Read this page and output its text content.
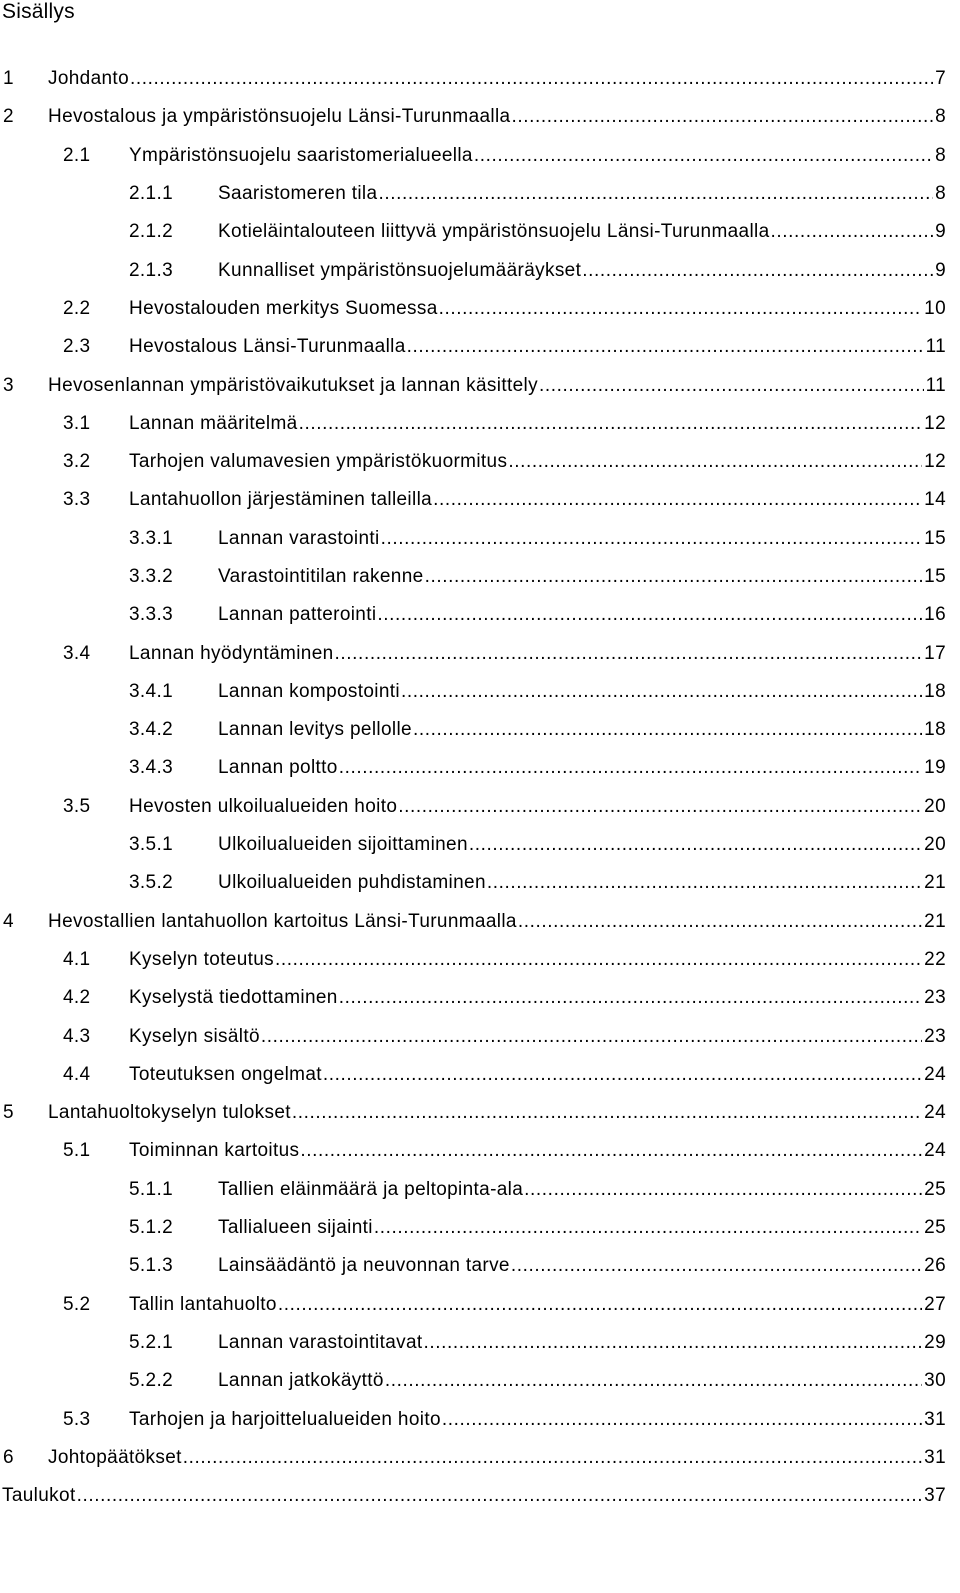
Sisällys
1	Johdanto .....	7
2	Hevostalous ja ympäristönsuojelu Länsi-Turunmaalla .....	8
2.1	Ympäristönsuojelu saaristomerialueella .....	8
2.1.1	Saaristomeren tila .....	8
2.1.2	Kotieläintalouteen liittyvä ympäristönsuojelu Länsi-Turunmaalla .....	9
2.1.3	Kunnalliset ympäristönsuojelumääräykset .....	9
2.2	Hevostalouden merkitys Suomessa .....	10
2.3	Hevostalous Länsi-Turunmaalla .....	11
3	Hevosenlannan ympäristövaikutukset ja lannan käsittely .....	11
3.1	Lannan määritelmä .....	12
3.2	Tarhojen valumavesien ympäristökuormitus .....	12
3.3	Lantahuollon järjestäminen talleilla .....	14
3.3.1	Lannan varastointi .....	15
3.3.2	Varastointitilan rakenne .....	15
3.3.3	Lannan patterointi .....	16
3.4	Lannan hyödyntäminen .....	17
3.4.1	Lannan kompostointi .....	18
3.4.2	Lannan levitys pellolle .....	18
3.4.3	Lannan poltto .....	19
3.5	Hevosten ulkoilualueiden hoito .....	20
3.5.1	Ulkoilualueiden sijoittaminen .....	20
3.5.2	Ulkoilualueiden puhdistaminen .....	21
4	Hevostallien lantahuollon kartoitus Länsi-Turunmaalla .....	21
4.1	Kyselyn toteutus .....	22
4.2	Kyselystä tiedottaminen .....	23
4.3	Kyselyn sisältö .....	23
4.4	Toteutuksen ongelmat .....	24
5	Lantahuoltokyselyn tulokset .....	24
5.1	Toiminnan kartoitus .....	24
5.1.1	Tallien eläinmäärä ja peltopinta-ala .....	25
5.1.2	Tallialueen sijainti .....	25
5.1.3	Lainsäädäntö ja neuvonnan tarve .....	26
5.2	Tallin lantahuolto .....	27
5.2.1	Lannan varastointitavat .....	29
5.2.2	Lannan jatkokäyttö .....	30
5.3	Tarhojen ja harjoittelualueiden hoito .....	31
6	Johtopäätökset .....	31
Taulukot .....	37
